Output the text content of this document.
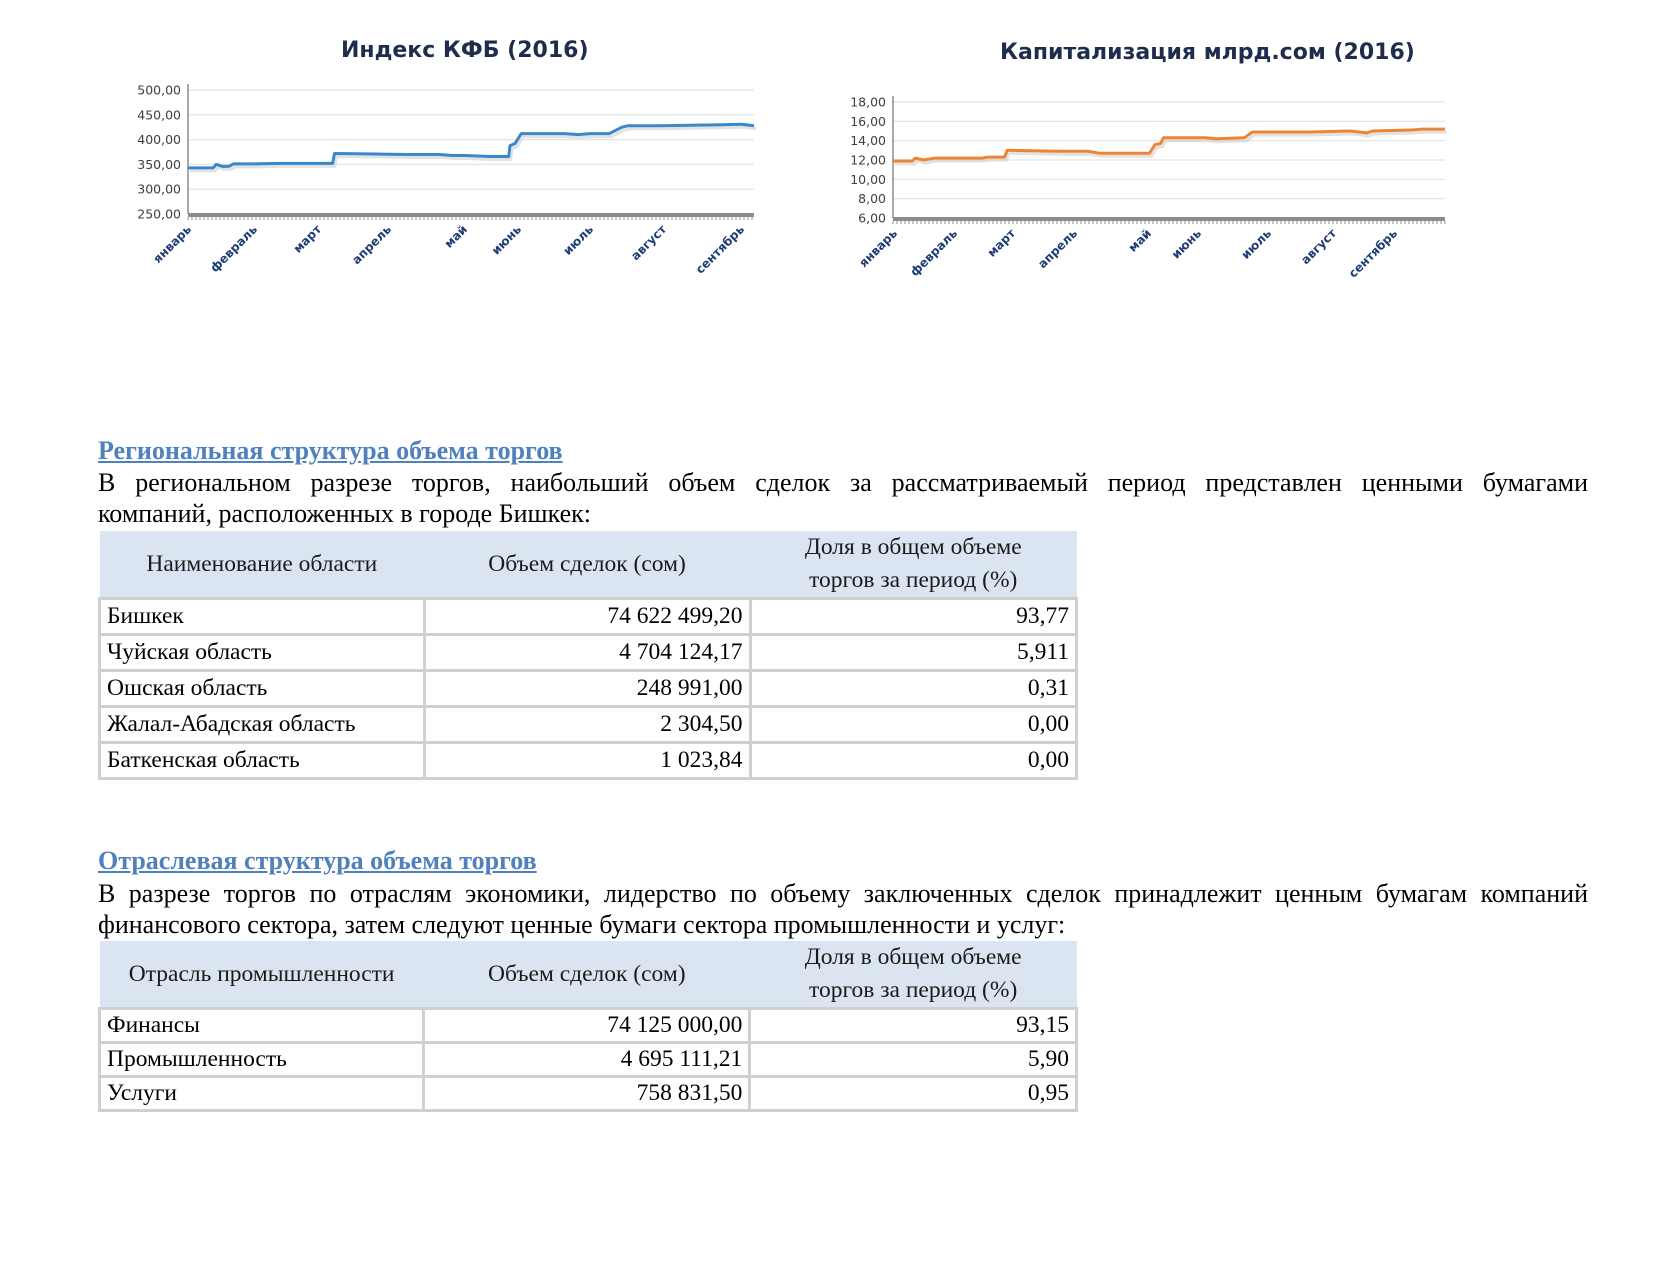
Индекс КФБ (2016)	Капитализация млрд.сом (2016)
500,00
450,00
400,00
350,00
300,00
250,00
январь февраль	март апрель	май июнь	июль	август сентябрь
18,00
16,00
14,00
12,00
10,00
8,00
6,00
январь февраль март апрель	май июнь	июль август сентябрь
Региональная структура объема торгов
В региональном разрезе торгов, наибольший объем сделок за рассматриваемый период представлен ценными бумагами
компаний, расположенных в городе Бишкек:
Наименование области	Объем сделок (сом)	Доля в общем объеме
торгов за период (%)
Бишкек	74 622 499,20	93,77
Чуйская область	4 704 124,17	5,911
Ошская область	248 991,00	0,31
Жалал-Абадская область	2 304,50	0,00
Баткенская область	1 023,84	0,00
Отраслевая структура объема торгов
В разрезе торгов по отраслям экономики, лидерство по объему заключенных сделок принадлежит ценным бумагам компаний
финансового сектора, затем следуют ценные бумаги сектора промышленности и услуг:
Отрасль промышленности	Объем сделок (сом)	Доля в общем объеме
торгов за период (%)
Финансы	74 125 000,00	93,15
Промышленность	4 695 111,21	5,90
Услуги	758 831,50	0,95
